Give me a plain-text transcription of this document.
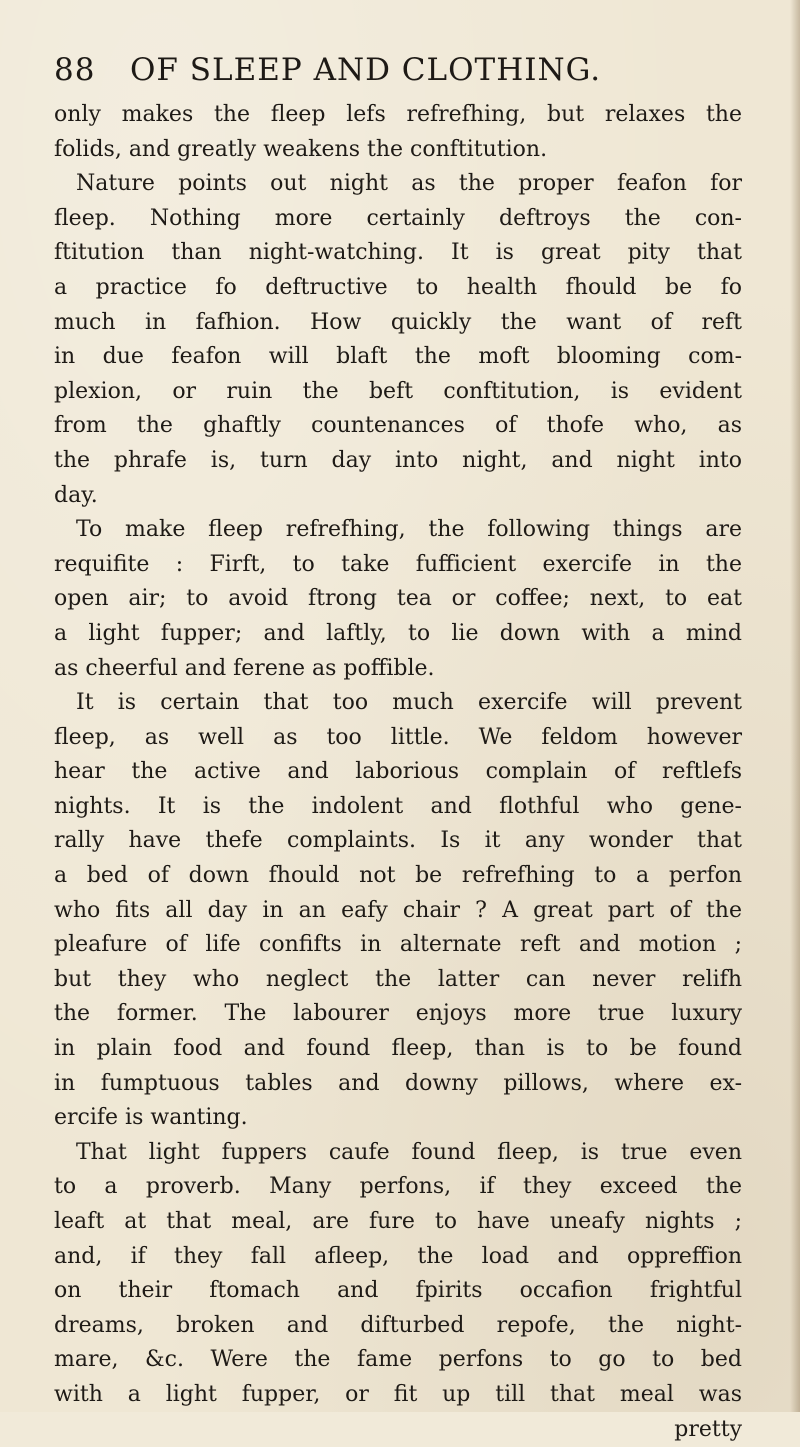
88 OF SLEEP AND CLOTHING.
only makes the fleep lefs refrefhing, but relaxes the
folids, and greatly weakens the conftitution.
Nature points out night as the proper feafon for
fleep. Nothing more certainly deftroys the con-
ftitution than night-watching. It is great pity that
a practice fo deftructive to health fhould be fo
much in fafhion. How quickly the want of reft
in due feafon will blaft the moft blooming com-
plexion, or ruin the beft conftitution, is evident
from the ghaftly countenances of thofe who, as
the phrafe is, turn day into night, and night into
day.
To make fleep refrefhing, the following things are
requifite : Firft, to take fufficient exercife in the
open air; to avoid ftrong tea or coffee; next, to eat
a light fupper; and laftly, to lie down with a mind
as cheerful and ferene as poffible.
It is certain that too much exercife will prevent
fleep, as well as too little. We feldom however
hear the active and laborious complain of reftlefs
nights. It is the indolent and flothful who gene-
rally have thefe complaints. Is it any wonder that
a bed of down fhould not be refrefhing to a perfon
who fits all day in an eafy chair ? A great part of the
pleafure of life confifts in alternate reft and motion ;
but they who neglect the latter can never relifh
the former. The labourer enjoys more true luxury
in plain food and found fleep, than is to be found
in fumptuous tables and downy pillows, where ex-
ercife is wanting.
That light fuppers caufe found fleep, is true even
to a proverb. Many perfons, if they exceed the
leaft at that meal, are fure to have uneafy nights ;
and, if they fall afleep, the load and oppreffion
on their ftomach and fpirits occafion frightful
dreams, broken and difturbed repofe, the night-
mare, &c. Were the fame perfons to go to bed
with a light fupper, or fit up till that meal was
pretty
